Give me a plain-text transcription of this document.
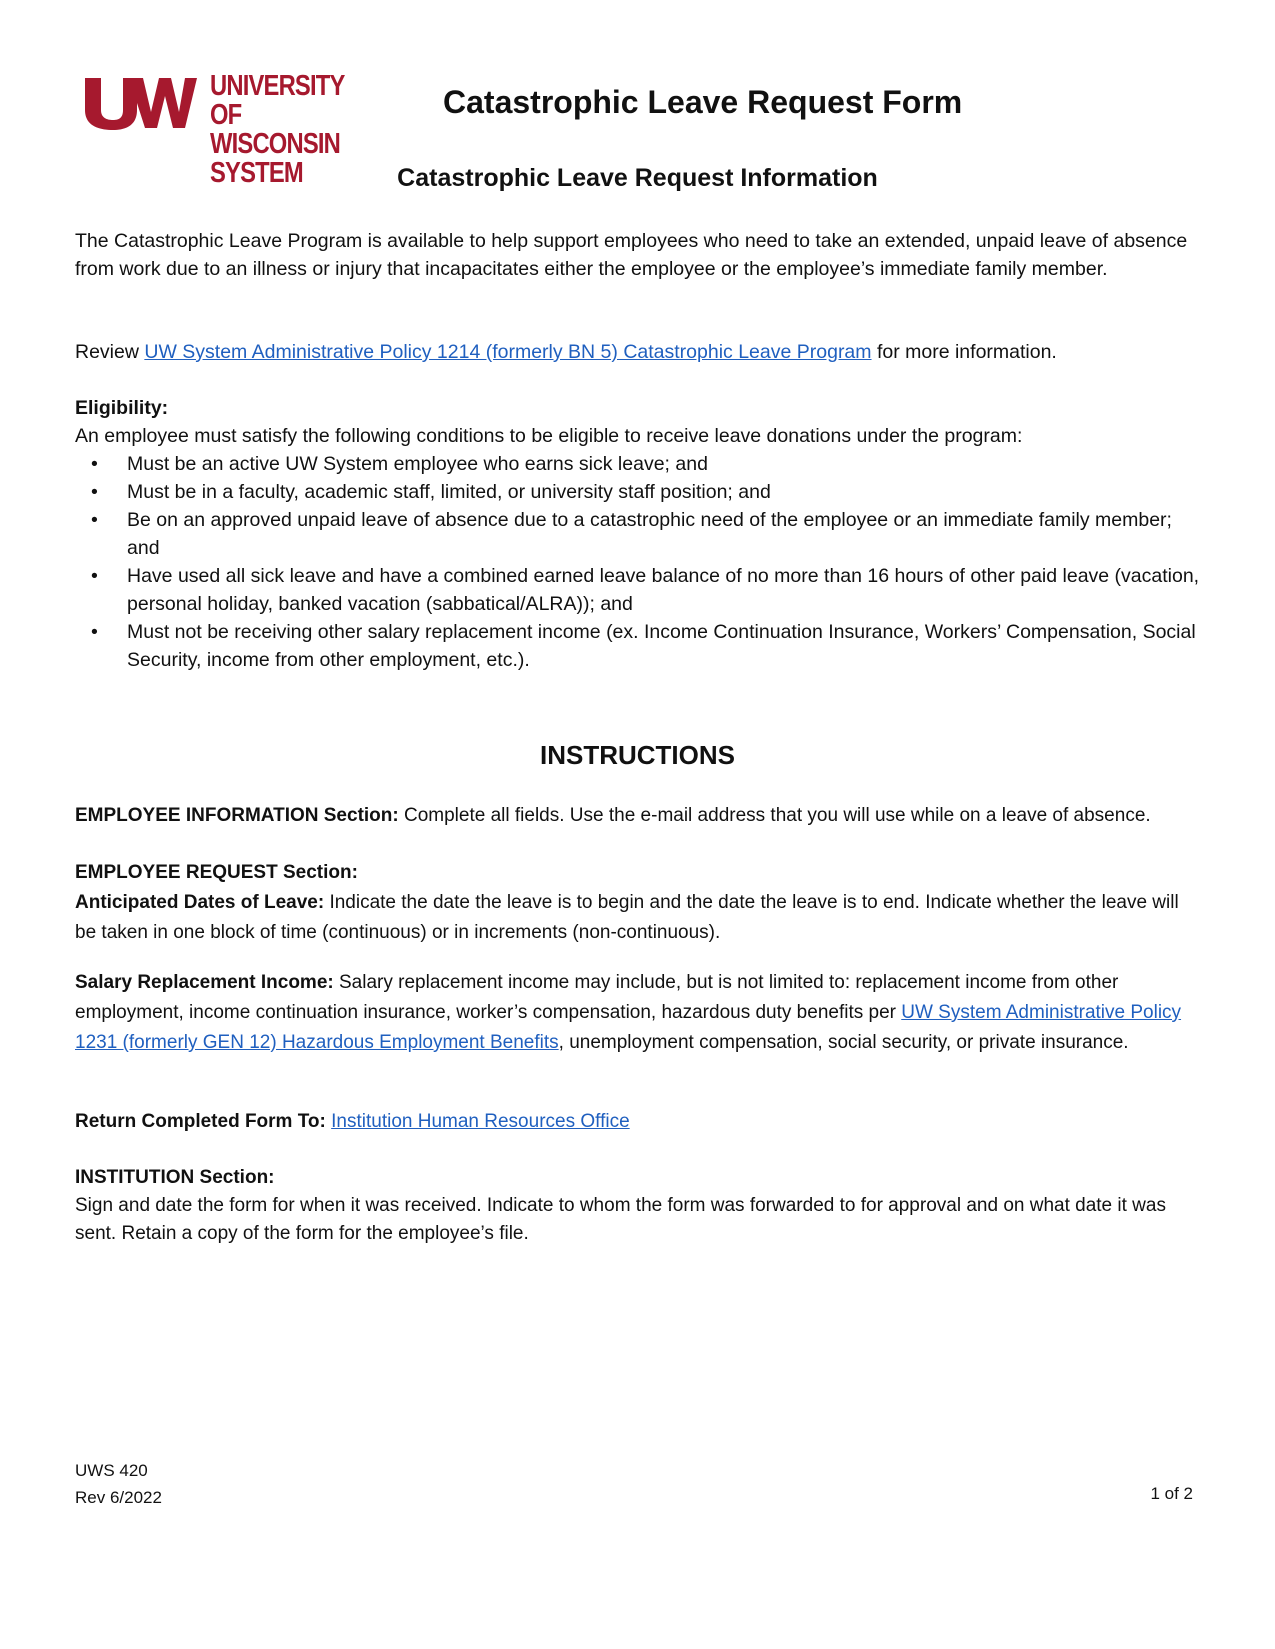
UNIVERSITY OF
WISCONSIN SYSTEM
Catastrophic Leave Request Form
Catastrophic Leave Request Information

The Catastrophic Leave Program is available to help support employees who need to take an extended, unpaid leave of absence from work due to an illness or injury that incapacitates either the employee or the employee’s immediate family member.

Review UW System Administrative Policy 1214 (formerly BN 5) Catastrophic Leave Program for more information.

Eligibility:

An employee must satisfy the following conditions to be eligible to receive leave donations under the program:

• Must be an active UW System employee who earns sick leave; and
• Must be in a faculty, academic staff, limited, or university staff position; and
• Be on an approved unpaid leave of absence due to a catastrophic need of the employee or an immediate family member; and
• Have used all sick leave and have a combined earned leave balance of no more than 16 hours of other paid leave (vacation, personal holiday, banked vacation (sabbatical/ALRA)); and
• Must not be receiving other salary replacement income (ex. Income Continuation Insurance, Workers’ Compensation, Social Security, income from other employment, etc.).
INSTRUCTIONS

EMPLOYEE INFORMATION Section: Complete all fields. Use the e-mail address that you will use while on a leave of absence.

EMPLOYEE REQUEST Section:

Anticipated Dates of Leave: Indicate the date the leave is to begin and the date the leave is to end. Indicate whether the leave will be taken in one block of time (continuous) or in increments (non-continuous).

Salary Replacement Income: Salary replacement income may include, but is not limited to: replacement income from other employment, income continuation insurance, worker’s compensation, hazardous duty benefits per UW System Administrative Policy 1231 (formerly GEN 12) Hazardous Employment Benefits, unemployment compensation, social security, or private insurance.

Return Completed Form To: Institution Human Resources Office

INSTITUTION Section:

Sign and date the form for when it was received. Indicate to whom the form was forwarded to for approval and on what date it was sent. Retain a copy of the form for the employee’s file.

UWS 420
Rev 6/2022	1 of 2
